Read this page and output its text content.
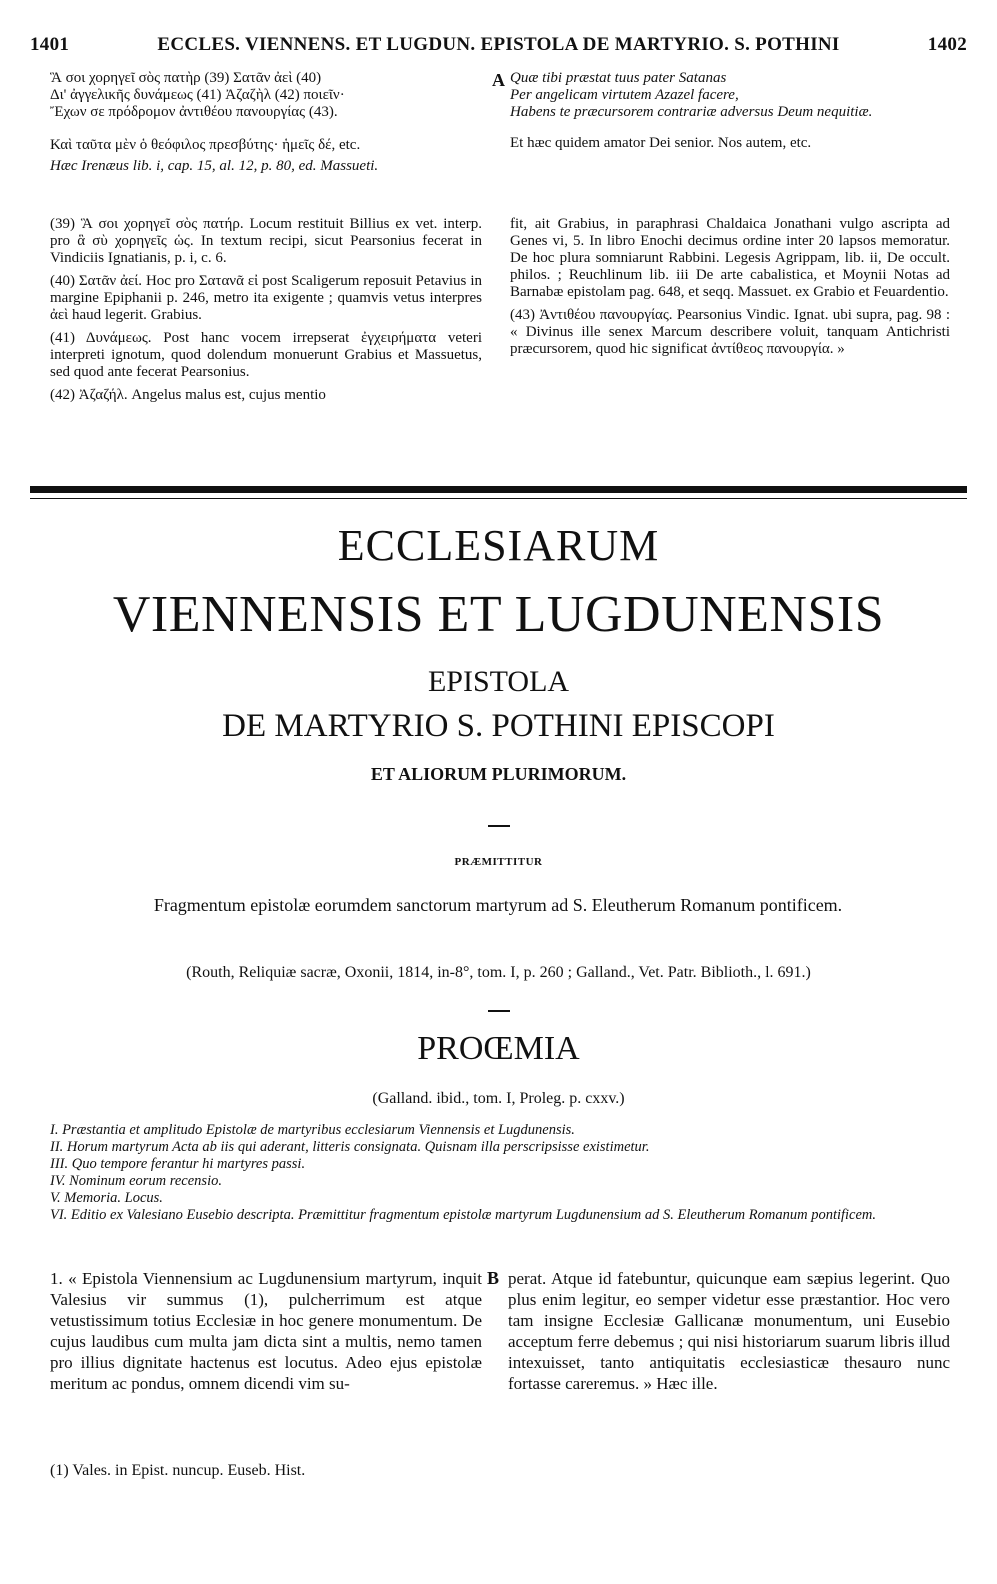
1401	ECCLES. VIENNENS. ET LUGDUN. EPISTOLA DE MARTYRIO. S. POTHINI	1402

Ἃ σοι χορηγεῖ σὸς πατὴρ (39) Σατᾶν ἀεὶ (40)

Δι' ἀγγελικῆς δυνάμεως (41) Ἀζαζὴλ (42) ποιεῖν·

Ἔχων σε πρόδρομον ἀντιθέου πανουργίας (43).

Καὶ ταῦτα μὲν ὁ θεόφιλος πρεσβύτης· ἡμεῖς δέ, etc.

Hæc Irenæus lib. i, cap. 15, al. 12, p. 80, ed. Massueti.

A Quæ tibi præstat tuus pater Satanas

Per angelicam virtutem Azazel facere,

Habens te præcursorem contrariæ adversus Deum nequitiæ.

Et hæc quidem amator Dei senior. Nos autem, etc.

(39) Ἃ σοι χορηγεῖ σὸς πατήρ. Locum restituit Billius ex vet. interp. pro ἃ σὺ χορηγεῖς ὡς. In textum recipi, sicut Pearsonius fecerat in Vindiciis Ignatianis, p. i, c. 6.

(40) Σατᾶν ἀεί. Hoc pro Σατανᾶ εἰ post Scaligerum reposuit Petavius in margine Epiphanii p. 246, metro ita exigente ; quamvis vetus interpres ἀεὶ haud legerit. Grabius.

(41) Δυνάμεως. Post hanc vocem irrepserat ἐγχειρήματα veteri interpreti ignotum, quod dolendum monuerunt Grabius et Massuetus, sed quod ante fecerat Pearsonius.

(42) Ἀζαζήλ. Angelus malus est, cujus mentio

fit, ait Grabius, in paraphrasi Chaldaica Jonathani vulgo ascripta ad Genes vi, 5. In libro Enochi decimus ordine inter 20 lapsos memoratur. De hoc plura somniarunt Rabbini. Legesis Agrippam, lib. ii, De occult. philos. ; Reuchlinum lib. iii De arte cabalistica, et Moynii Notas ad Barnabæ epistolam pag. 648, et seqq. Massuet. ex Grabio et Feuardentio.

(43) Ἀντιθέου πανουργίας. Pearsonius Vindic. Ignat. ubi supra, pag. 98 : « Divinus ille senex Marcum describere voluit, tanquam Antichristi præcursorem, quod hic significat ἀντίθεος πανουργία. »

ECCLESIARUM
VIENNENSIS ET LUGDUNENSIS
EPISTOLA
DE MARTYRIO S. POTHINI EPISCOPI
ET ALIORUM PLURIMORUM.
PRÆMITTITUR
Fragmentum epistolæ eorumdem sanctorum martyrum ad S. Eleutherum Romanum pontificem.
(Routh, Reliquiæ sacræ, Oxonii, 1814, in-8°, tom. I, p. 260 ; Galland., Vet. Patr. Biblioth., l. 691.)
PROŒMIA
(Galland. ibid., tom. I, Proleg. p. cxxv.)

I. Præstantia et amplitudo Epistolæ de martyribus ecclesiarum Viennensis et Lugdunensis.

II. Horum martyrum Acta ab iis qui aderant, litteris consignata. Quisnam illa perscripsisse existimetur.

III. Quo tempore ferantur hi martyres passi.

IV. Nominum eorum recensio.

V. Memoria. Locus.

VI. Editio ex Valesiano Eusebio descripta. Præmittitur fragmentum epistolæ martyrum Lugdunensium ad S. Eleutherum Romanum pontificem.

1. « Epistola Viennensium ac Lugdunensium martyrum, inquit Valesius vir summus (1), pulcherrimum est atque vetustissimum totius Ecclesiæ in hoc genere monumentum. De cujus laudibus cum multa jam dicta sint a multis, nemo tamen pro illius dignitate hactenus est locutus. Adeo ejus epistolæ meritum ac pondus, omnem dicendi vim su-
B perat. Atque id fatebuntur, quicunque eam sæpius legerint. Quo plus enim legitur, eo semper videtur esse præstantior. Hoc vero tam insigne Ecclesiæ Gallicanæ monumentum, uni Eusebio acceptum ferre debemus ; qui nisi historiarum suarum libris illud intexuisset, tanto antiquitatis ecclesiasticæ thesauro nunc fortasse careremus. » Hæc ille.
(1) Vales. in Epist. nuncup. Euseb. Hist.
